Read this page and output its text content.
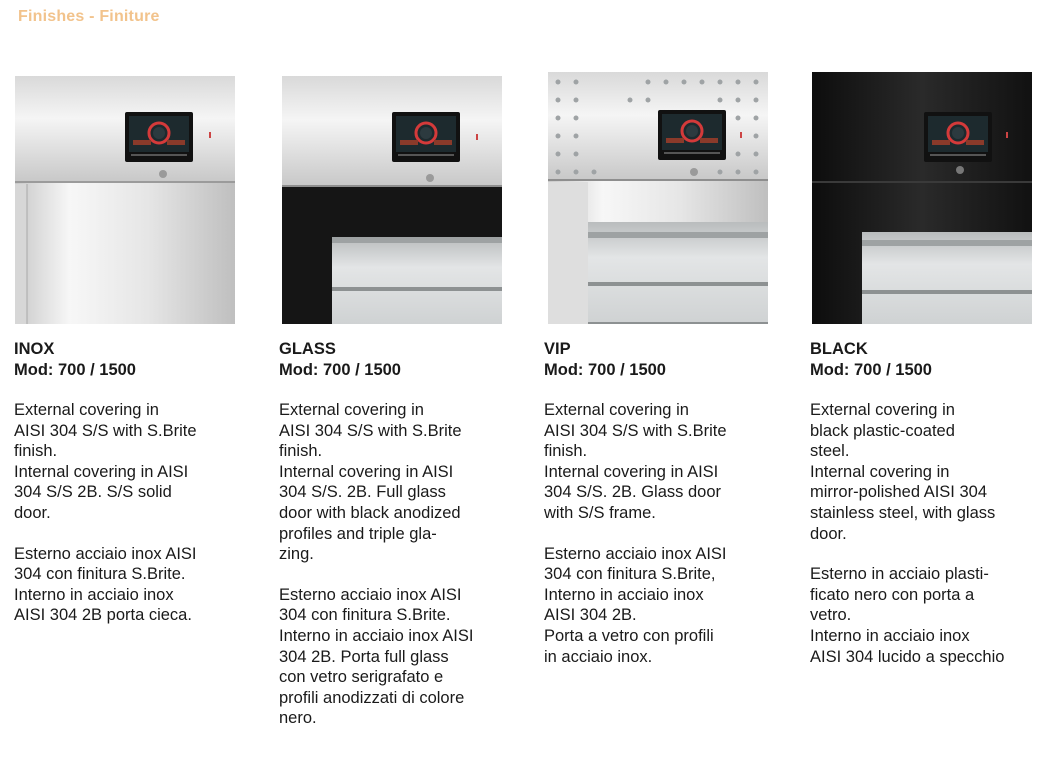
Finishes - Finiture
INOX
Mod: 700 / 1500
External covering in
AISI 304 S/S with S.Brite
finish.
Internal covering in AISI
304 S/S 2B. S/S solid
door.
Esterno acciaio inox AISI
304 con finitura S.Brite.
Interno in acciaio inox
AISI 304 2B porta cieca.
GLASS
Mod: 700 / 1500
External covering in
AISI 304 S/S with S.Brite
finish.
Internal covering in AISI
304 S/S. 2B. Full glass
door with black anodized
profiles and triple gla-
zing.
Esterno acciaio inox AISI
304 con finitura S.Brite.
Interno in acciaio inox AISI
304 2B. Porta full glass
con vetro serigrafato e
profili anodizzati di colore
nero.
VIP
Mod: 700 / 1500
External covering in
AISI 304 S/S with S.Brite
finish.
Internal covering in AISI
304 S/S. 2B. Glass door
with S/S frame.
Esterno acciaio inox AISI
304 con finitura S.Brite,
Interno in acciaio inox
AISI 304 2B.
Porta a vetro con profili
in acciaio inox.
BLACK
Mod: 700 / 1500
External covering in
black plastic-coated
steel.
Internal covering in
mirror-polished AISI 304
stainless steel, with glass
door.
Esterno in acciaio plasti-
ficato nero con porta a
vetro.
Interno in acciaio inox
AISI 304 lucido a specchio
